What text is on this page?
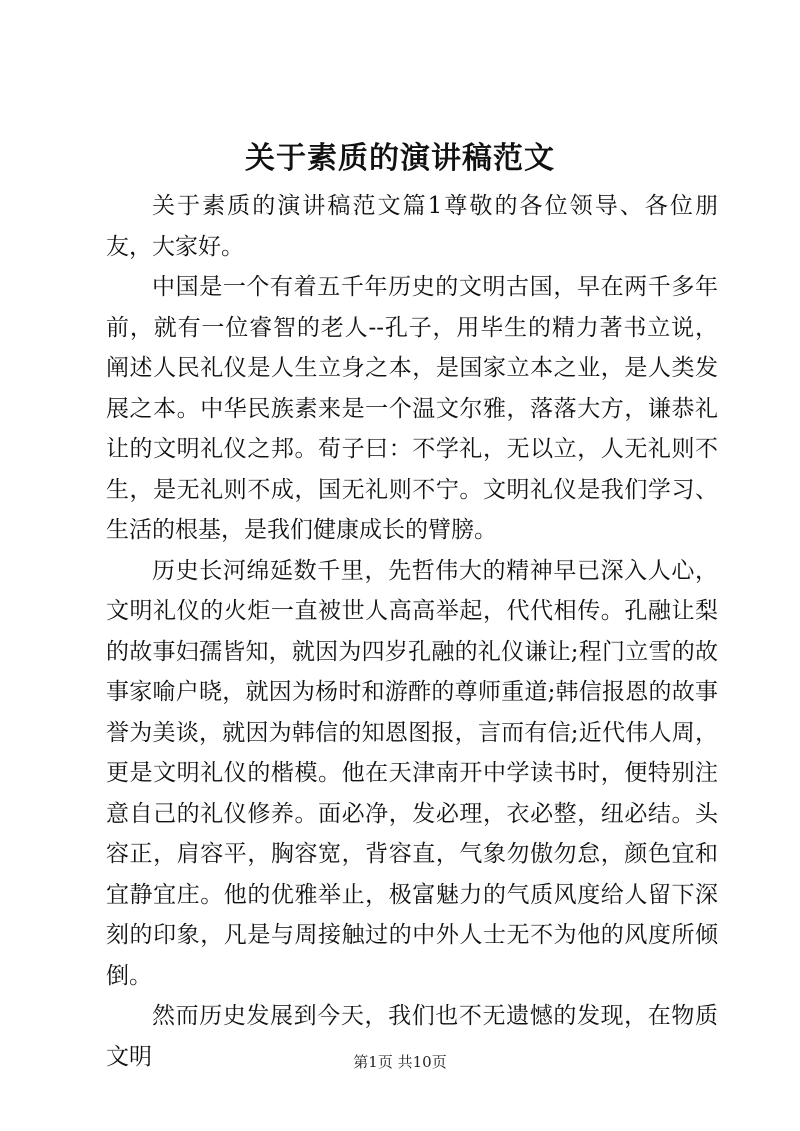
关于素质的演讲稿范文

关于素质的演讲稿范文篇1尊敬的各位领导、各位朋友，大家好。

中国是一个有着五千年历史的文明古国，早在两千多年前，就有一位睿智的老人--孔子，用毕生的精力著书立说，阐述人民礼仪是人生立身之本，是国家立本之业，是人类发展之本。中华民族素来是一个温文尔雅，落落大方，谦恭礼让的文明礼仪之邦。荀子曰：不学礼，无以立，人无礼则不生，是无礼则不成，国无礼则不宁。文明礼仪是我们学习、生活的根基，是我们健康成长的臂膀。

历史长河绵延数千里，先哲伟大的精神早已深入人心，文明礼仪的火炬一直被世人高高举起，代代相传。孔融让梨的故事妇孺皆知，就因为四岁孔融的礼仪谦让;程门立雪的故事家喻户晓，就因为杨时和游酢的尊师重道;韩信报恩的故事誉为美谈，就因为韩信的知恩图报，言而有信;近代伟人周，更是文明礼仪的楷模。他在天津南开中学读书时，便特别注意自己的礼仪修养。面必净，发必理，衣必整，纽必结。头容正，肩容平，胸容宽，背容直，气象勿傲勿怠，颜色宜和宜静宜庄。他的优雅举止，极富魅力的气质风度给人留下深刻的印象，凡是与周接触过的中外人士无不为他的风度所倾倒。

然而历史发展到今天，我们也不无遗憾的发现，在物质文明	第1页 共10页
